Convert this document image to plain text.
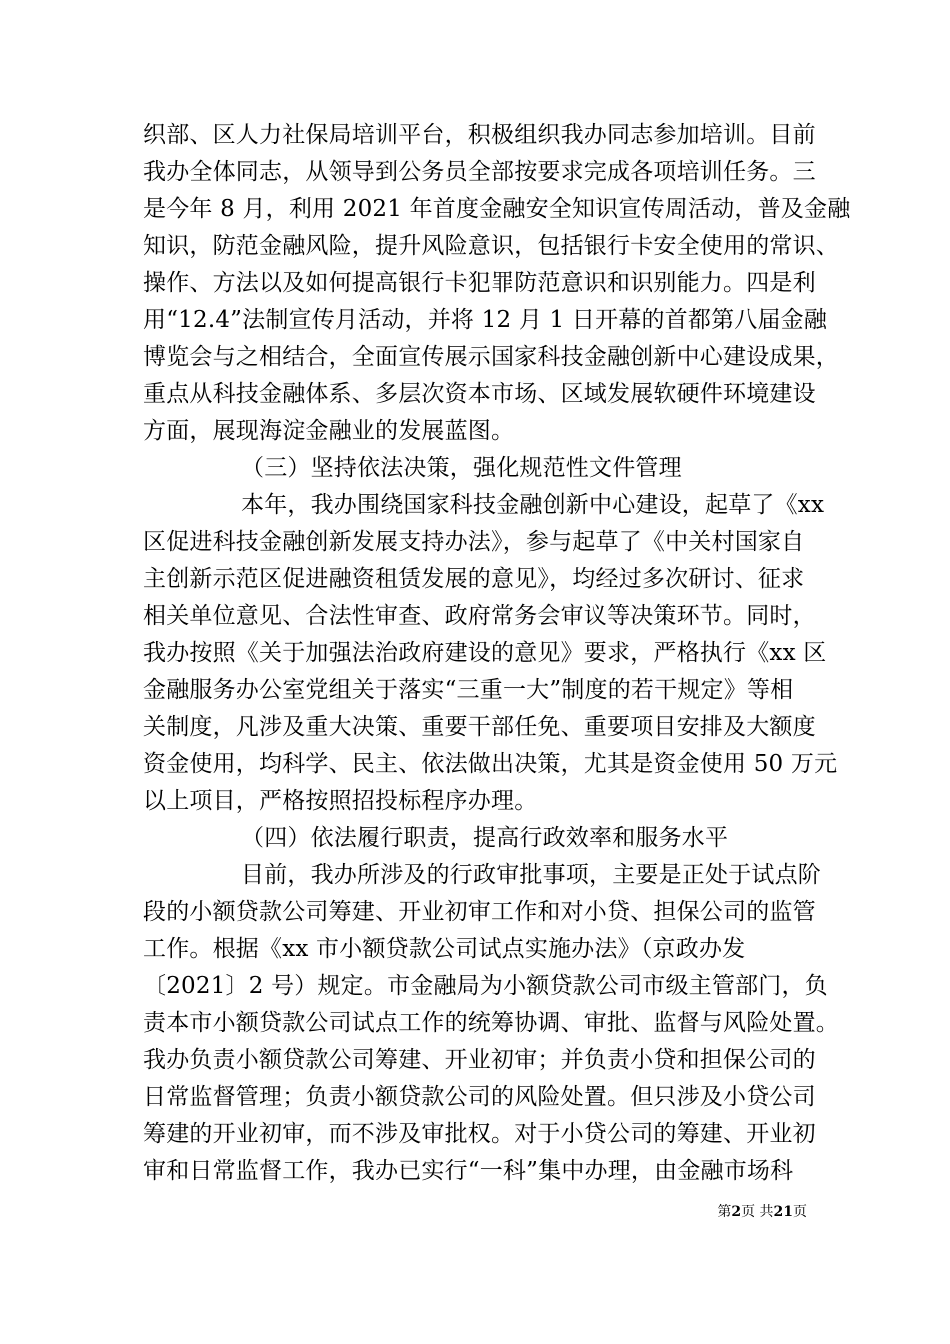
织部、区人力社保局培训平台，积极组织我办同志参加培训。目前
我办全体同志，从领导到公务员全部按要求完成各项培训任务。三
是今年 8 月，利用 2021 年首度金融安全知识宣传周活动，普及金融
知识，防范金融风险，提升风险意识，包括银行卡安全使用的常识、
操作、方法以及如何提高银行卡犯罪防范意识和识别能力。四是利
用“12.4”法制宣传月活动，并将 12 月 1 日开幕的首都第八届金融
博览会与之相结合，全面宣传展示国家科技金融创新中心建设成果，
重点从科技金融体系、多层次资本市场、区域发展软硬件环境建设
方面，展现海淀金融业的发展蓝图。
（三）坚持依法决策，强化规范性文件管理
本年，我办围绕国家科技金融创新中心建设，起草了《xx
区促进科技金融创新发展支持办法》，参与起草了《中关村国家自
主创新示范区促进融资租赁发展的意见》，均经过多次研讨、征求
相关单位意见、合法性审查、政府常务会审议等决策环节。同时，
我办按照《关于加强法治政府建设的意见》要求，严格执行《xx 区
金融服务办公室党组关于落实“三重一大”制度的若干规定》等相
关制度，凡涉及重大决策、重要干部任免、重要项目安排及大额度
资金使用，均科学、民主、依法做出决策，尤其是资金使用 50 万元
以上项目，严格按照招投标程序办理。
（四）依法履行职责，提高行政效率和服务水平
目前，我办所涉及的行政审批事项，主要是正处于试点阶
段的小额贷款公司筹建、开业初审工作和对小贷、担保公司的监管
工作。根据《xx 市小额贷款公司试点实施办法》（京政办发
〔2021〕2 号）规定。市金融局为小额贷款公司市级主管部门，负
责本市小额贷款公司试点工作的统筹协调、审批、监督与风险处置。
我办负责小额贷款公司筹建、开业初审；并负责小贷和担保公司的
日常监督管理；负责小额贷款公司的风险处置。但只涉及小贷公司
筹建的开业初审，而不涉及审批权。对于小贷公司的筹建、开业初
审和日常监督工作，我办已实行“一科”集中办理，由金融市场科
第2页 共21页
